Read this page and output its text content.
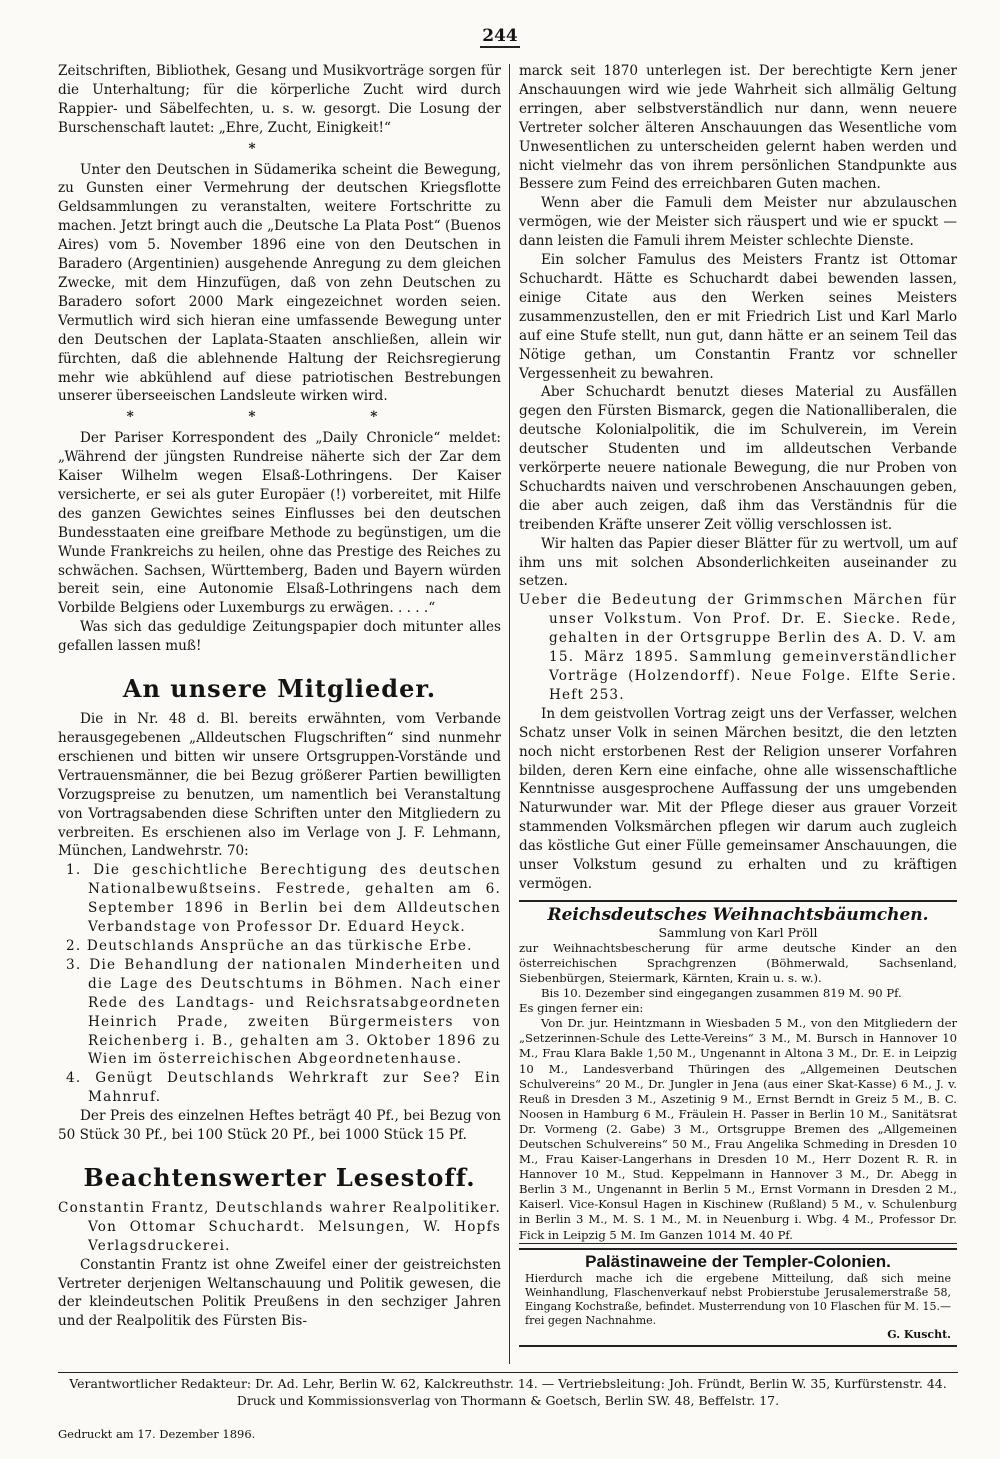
244

Zeitschriften, Bibliothek, Gesang und Musikvorträge sorgen für die Unterhaltung; für die körperliche Zucht wird durch Rappier- und Säbelfechten, u. s. w. gesorgt. Die Losung der Burschenschaft lautet: „Ehre, Zucht, Einigkeit!“

*

Unter den Deutschen in Südamerika scheint die Bewegung, zu Gunsten einer Vermehrung der deutschen Kriegsflotte Geldsammlungen zu veranstalten, weitere Fortschritte zu machen. Jetzt bringt auch die „Deutsche La Plata Post“ (Buenos Aires) vom 5. November 1896 eine von den Deutschen in Baradero (Argentinien) ausgehende Anregung zu dem gleichen Zwecke, mit dem Hinzufügen, daß von zehn Deutschen zu Baradero sofort 2000 Mark eingezeichnet worden seien. Vermutlich wird sich hieran eine umfassende Bewegung unter den Deutschen der Laplata-Staaten anschließen, allein wir fürchten, daß die ablehnende Haltung der Reichsregierung mehr wie abkühlend auf diese patriotischen Bestrebungen unserer überseeischen Landsleute wirken wird.

* * *

Der Pariser Korrespondent des „Daily Chronicle“ meldet: „Während der jüngsten Rundreise näherte sich der Zar dem Kaiser Wilhelm wegen Elsaß-Lothringens. Der Kaiser versicherte, er sei als guter Europäer (!) vorbereitet, mit Hilfe des ganzen Gewichtes seines Einflusses bei den deutschen Bundesstaaten eine greifbare Methode zu begünstigen, um die Wunde Frankreichs zu heilen, ohne das Prestige des Reiches zu schwächen. Sachsen, Württemberg, Baden und Bayern würden bereit sein, eine Autonomie Elsaß-Lothringens nach dem Vorbilde Belgiens oder Luxemburgs zu erwägen. . . . .“

Was sich das geduldige Zeitungspapier doch mitunter alles gefallen lassen muß!

An unsere Mitglieder.

Die in Nr. 48 d. Bl. bereits erwähnten, vom Verbande herausgegebenen „Alldeutschen Flugschriften“ sind nunmehr erschienen und bitten wir unsere Ortsgruppen-Vorstände und Vertrauensmänner, die bei Bezug größerer Partien bewilligten Vorzugspreise zu benutzen, um namentlich bei Veranstaltung von Vortragsabenden diese Schriften unter den Mitgliedern zu verbreiten. Es erschienen also im Verlage von J. F. Lehmann, München, Landwehrstr. 70:

1. Die geschichtliche Berechtigung des deutschen Nationalbewußtseins. Festrede, gehalten am 6. September 1896 in Berlin bei dem Alldeutschen Verbandstage von Professor Dr. Eduard Heyck.
2. Deutschlands Ansprüche an das türkische Erbe.
3. Die Behandlung der nationalen Minderheiten und die Lage des Deutschtums in Böhmen. Nach einer Rede des Landtags- und Reichsratsabgeordneten Heinrich Prade, zweiten Bürgermeisters von Reichenberg i. B., gehalten am 3. Oktober 1896 zu Wien im österreichischen Abgeordnetenhause.
4. Genügt Deutschlands Wehrkraft zur See? Ein Mahnruf.

Der Preis des einzelnen Heftes beträgt 40 Pf., bei Bezug von 50 Stück 30 Pf., bei 100 Stück 20 Pf., bei 1000 Stück 15 Pf.

Beachtenswerter Lesestoff.

Constantin Frantz, Deutschlands wahrer Realpolitiker. Von Ottomar Schuchardt. Melsungen, W. Hopfs Verlagsdruckerei.

Constantin Frantz ist ohne Zweifel einer der geistreichsten Vertreter derjenigen Weltanschauung und Politik gewesen, die der kleindeutschen Politik Preußens in den sechziger Jahren und der Realpolitik des Fürsten Bis-

marck seit 1870 unterlegen ist. Der berechtigte Kern jener Anschauungen wird wie jede Wahrheit sich allmälig Geltung erringen, aber selbstverständlich nur dann, wenn neuere Vertreter solcher älteren Anschauungen das Wesentliche vom Unwesentlichen zu unterscheiden gelernt haben werden und nicht vielmehr das von ihrem persönlichen Standpunkte aus Bessere zum Feind des erreichbaren Guten machen.

Wenn aber die Famuli dem Meister nur abzulauschen vermögen, wie der Meister sich räuspert und wie er spuckt — dann leisten die Famuli ihrem Meister schlechte Dienste.

Ein solcher Famulus des Meisters Frantz ist Ottomar Schuchardt. Hätte es Schuchardt dabei bewenden lassen, einige Citate aus den Werken seines Meisters zusammenzustellen, den er mit Friedrich List und Karl Marlo auf eine Stufe stellt, nun gut, dann hätte er an seinem Teil das Nötige gethan, um Constantin Frantz vor schneller Vergessenheit zu bewahren.

Aber Schuchardt benutzt dieses Material zu Ausfällen gegen den Fürsten Bismarck, gegen die Nationalliberalen, die deutsche Kolonialpolitik, die im Schulverein, im Verein deutscher Studenten und im alldeutschen Verbande verkörperte neuere nationale Bewegung, die nur Proben von Schuchardts naiven und verschrobenen Anschauungen geben, die aber auch zeigen, daß ihm das Verständnis für die treibenden Kräfte unserer Zeit völlig verschlossen ist.

Wir halten das Papier dieser Blätter für zu wertvoll, um auf ihm uns mit solchen Absonderlichkeiten auseinander zu setzen.

Ueber die Bedeutung der Grimmschen Märchen für unser Volkstum. Von Prof. Dr. E. Siecke. Rede, gehalten in der Ortsgruppe Berlin des A. D. V. am 15. März 1895. Sammlung gemeinverständlicher Vorträge (Holzendorff). Neue Folge. Elfte Serie. Heft 253.

In dem geistvollen Vortrag zeigt uns der Verfasser, welchen Schatz unser Volk in seinen Märchen besitzt, die den letzten noch nicht erstorbenen Rest der Religion unserer Vorfahren bilden, deren Kern eine einfache, ohne alle wissenschaftliche Kenntnisse ausgesprochene Auffassung der uns umgebenden Naturwunder war. Mit der Pflege dieser aus grauer Vorzeit stammenden Volksmärchen pflegen wir darum auch zugleich das köstliche Gut einer Fülle gemeinsamer Anschauungen, die unser Volkstum gesund zu erhalten und zu kräftigen vermögen.

Reichsdeutsches Weihnachtsbäumchen.
Sammlung von Karl Pröll

zur Weihnachtsbescherung für arme deutsche Kinder an den österreichischen Sprachgrenzen (Böhmerwald, Sachsenland, Siebenbürgen, Steiermark, Kärnten, Krain u. s. w.).

Bis 10. Dezember sind eingegangen zusammen 819 M. 90 Pf.

Es gingen ferner ein:

Von Dr. jur. Heintzmann in Wiesbaden 5 M., von den Mitgliedern der „Setzerinnen-Schule des Lette-Vereins“ 3 M., M. Bursch in Hannover 10 M., Frau Klara Bakle 1,50 M., Ungenannt in Altona 3 M., Dr. E. in Leipzig 10 M., Landesverband Thüringen des „Allgemeinen Deutschen Schulvereins“ 20 M., Dr. Jungler in Jena (aus einer Skat-Kasse) 6 M., J. v. Reuß in Dresden 3 M., Aszetinig 9 M., Ernst Berndt in Greiz 5 M., B. C. Noosen in Hamburg 6 M., Fräulein H. Passer in Berlin 10 M., Sanitätsrat Dr. Vormeng (2. Gabe) 3 M., Ortsgruppe Bremen des „Allgemeinen Deutschen Schulvereins“ 50 M., Frau Angelika Schmeding in Dresden 10 M., Frau Kaiser-Langerhans in Dresden 10 M., Herr Dozent R. R. in Hannover 10 M., Stud. Keppelmann in Hannover 3 M., Dr. Abegg in Berlin 3 M., Ungenannt in Berlin 5 M., Ernst Vormann in Dresden 2 M., Kaiserl. Vice-Konsul Hagen in Kischinew (Rußland) 5 M., v. Schulenburg in Berlin 3 M., M. S. 1 M., M. in Neuenburg i. Wbg. 4 M., Professor Dr. Fick in Leipzig 5 M. Im Ganzen 1014 M. 40 Pf.

Palästinaweine der Templer-Colonien.

Hierdurch mache ich die ergebene Mitteilung, daß sich meine Weinhandlung, Flaschenverkauf nebst Probierstube Jerusalemerstraße 58, Eingang Kochstraße, befindet. Musterrendung von 10 Flaschen für M. 15.— frei gegen Nachnahme.

G. Kuscht.

Verantwortlicher Redakteur: Dr. Ad. Lehr, Berlin W. 62, Kalckreuthstr. 14. — Vertriebsleitung: Joh. Fründt, Berlin W. 35, Kurfürstenstr. 44.
Druck und Kommissionsverlag von Thormann & Goetsch, Berlin SW. 48, Beffelstr. 17.
Gedruckt am 17. Dezember 1896.
